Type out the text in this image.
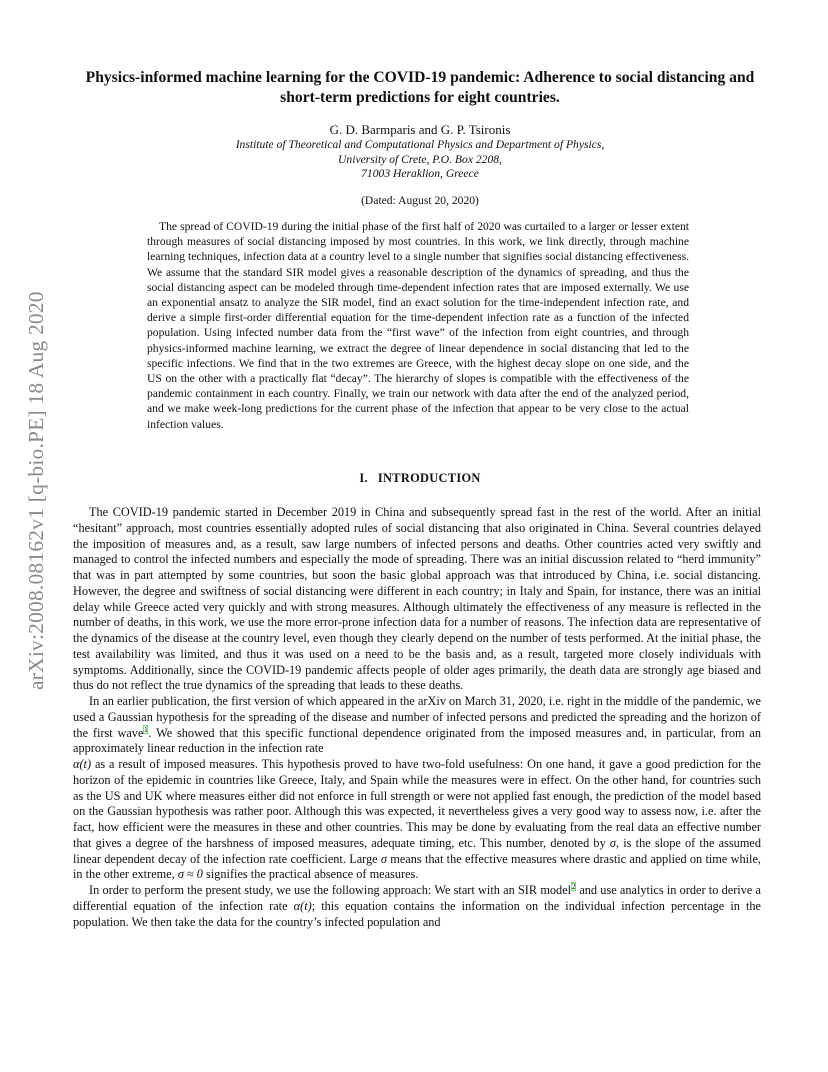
arXiv:2008.08162v1 [q-bio.PE] 18 Aug 2020
Physics-informed machine learning for the COVID-19 pandemic: Adherence to social distancing and short-term predictions for eight countries.
G. D. Barmparis and G. P. Tsironis
Institute of Theoretical and Computational Physics and Department of Physics,
University of Crete, P.O. Box 2208,
71003 Heraklion, Greece
(Dated: August 20, 2020)

The spread of COVID-19 during the initial phase of the first half of 2020 was curtailed to a larger or lesser extent through measures of social distancing imposed by most countries. In this work, we link directly, through machine learning techniques, infection data at a country level to a single number that signifies social distancing effectiveness. We assume that the standard SIR model gives a reasonable description of the dynamics of spreading, and thus the social distancing aspect can be modeled through time-dependent infection rates that are imposed externally. We use an exponential ansatz to analyze the SIR model, find an exact solution for the time-independent infection rate, and derive a simple first-order differential equation for the time-dependent infection rate as a function of the infected population. Using infected number data from the “first wave” of the infection from eight countries, and through physics-informed machine learning, we extract the degree of linear dependence in social distancing that led to the specific infections. We find that in the two extremes are Greece, with the highest decay slope on one side, and the US on the other with a practically flat “decay”. The hierarchy of slopes is compatible with the effectiveness of the pandemic containment in each country. Finally, we train our network with data after the end of the analyzed period, and we make week-long predictions for the current phase of the infection that appear to be very close to the actual infection values.

I. INTRODUCTION

The COVID-19 pandemic started in December 2019 in China and subsequently spread fast in the rest of the world. After an initial “hesitant” approach, most countries essentially adopted rules of social distancing that also originated in China. Several countries delayed the imposition of measures and, as a result, saw large numbers of infected persons and deaths. Other countries acted very swiftly and managed to control the infected numbers and especially the mode of spreading. There was an initial discussion related to “herd immunity” that was in part attempted by some countries, but soon the basic global approach was that introduced by China, i.e. social distancing. However, the degree and swiftness of social distancing were different in each country; in Italy and Spain, for instance, there was an initial delay while Greece acted very quickly and with strong measures. Although ultimately the effectiveness of any measure is reflected in the number of deaths, in this work, we use the more error-prone infection data for a number of reasons. The infection data are representative of the dynamics of the disease at the country level, even though they clearly depend on the number of tests performed. At the initial phase, the test availability was limited, and thus it was used on a need to be the basis and, as a result, targeted more closely individuals with symptoms. Additionally, since the COVID-19 pandemic affects people of older ages primarily, the death data are strongly age biased and thus do not reflect the true dynamics of the spreading that leads to these deaths.

In an earlier publication, the first version of which appeared in the arXiv on March 31, 2020, i.e. right in the middle of the pandemic, we used a Gaussian hypothesis for the spreading of the disease and number of infected persons and predicted the spreading and the horizon of the first wave$^1$. We showed that this specific functional dependence originated from the imposed measures and, in particular, from an approximately linear reduction in the infection rate
α(t) as a result of imposed measures. This hypothesis proved to have two-fold usefulness: On one hand, it gave a good prediction for the horizon of the epidemic in countries like Greece, Italy, and Spain while the measures were in effect. On the other hand, for countries such as the US and UK where measures either did not enforce in full strength or were not applied fast enough, the prediction of the model based on the Gaussian hypothesis was rather poor. Although this was expected, it nevertheless gives a very good way to assess now, i.e. after the fact, how efficient were the measures in these and other countries. This may be done by evaluating from the real data an effective number that gives a degree of the harshness of imposed measures, adequate timing, etc. This number, denoted by σ, is the slope of the assumed linear dependent decay of the infection rate coefficient. Large σ means that the effective measures where drastic and applied on time while, in the other extreme, σ ≈ 0 signifies the practical absence of measures.

In order to perform the present study, we use the following approach: We start with an SIR model$^2$ and use analytics in order to derive a differential equation of the infection rate α(t); this equation contains the information on the individual infection percentage in the population. We then take the data for the country’s infected population and
